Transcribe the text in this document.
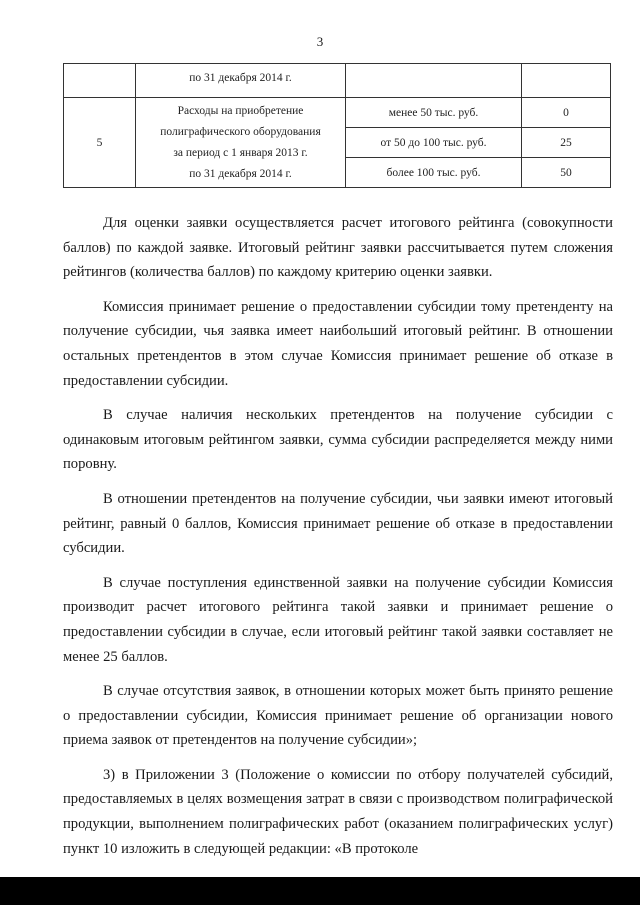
3
	по 31 декабря 2014 г.		
5	Расходы на приобретение
полиграфического оборудования
за период с 1 января 2013 г.
по 31 декабря 2014 г.	менее 50 тыс. руб.	0
		от 50 до 100 тыс. руб.	25
		более 100 тыс. руб.	50

Для оценки заявки осуществляется расчет итогового рейтинга (совокупности баллов) по каждой заявке. Итоговый рейтинг заявки рассчитывается путем сложения рейтингов (количества баллов) по каждому критерию оценки заявки.

Комиссия принимает решение о предоставлении субсидии тому претенденту на получение субсидии, чья заявка имеет наибольший итоговый рейтинг. В отношении остальных претендентов в этом случае Комиссия принимает решение об отказе в предоставлении субсидии.

В случае наличия нескольких претендентов на получение субсидии с одинаковым итоговым рейтингом заявки, сумма субсидии распределяется между ними поровну.

В отношении претендентов на получение субсидии, чьи заявки имеют итоговый рейтинг, равный 0 баллов, Комиссия принимает решение об отказе в предоставлении субсидии.

В случае поступления единственной заявки на получение субсидии Комиссия производит расчет итогового рейтинга такой заявки и принимает решение о предоставлении субсидии в случае, если итоговый рейтинг такой заявки составляет не менее 25 баллов.

В случае отсутствия заявок, в отношении которых может быть принято решение о предоставлении субсидии, Комиссия принимает решение об организации нового приема заявок от претендентов на получение субсидии»;

3) в Приложении 3 (Положение о комиссии по отбору получателей субсидий, предоставляемых в целях возмещения затрат в связи с производством полиграфической продукции, выполнением полиграфических работ (оказанием полиграфических услуг) пункт 10 изложить в следующей редакции: «В протоколе
